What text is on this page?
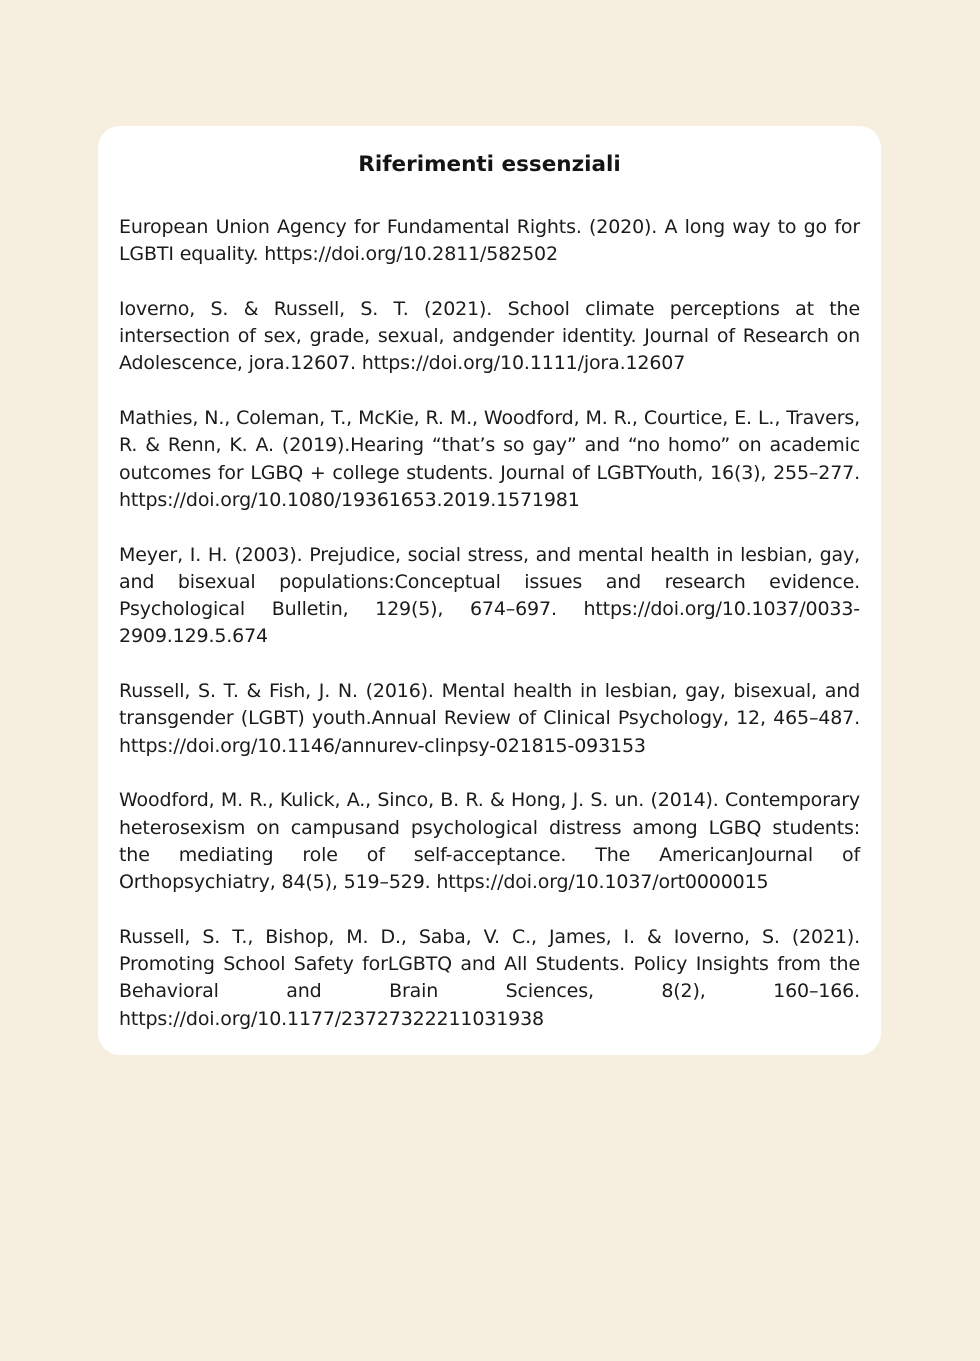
Riferimenti essenziali
European Union Agency for Fundamental Rights. (2020). A long way to go for LGBTI equality. https://doi.org/10.2811/582502
Ioverno, S. & Russell, S. T. (2021). School climate perceptions at the intersection of sex, grade, sexual, andgender identity. Journal of Research on Adolescence, jora.12607. https://doi.org/10.1111/jora.12607
Mathies, N., Coleman, T., McKie, R. M., Woodford, M. R., Courtice, E. L., Travers, R. & Renn, K. A. (2019).Hearing “that’s so gay” and “no homo” on academic outcomes for LGBQ + college students. Journal of LGBTYouth, 16(3), 255–277. https://doi.org/10.1080/19361653.2019.1571981
Meyer, I. H. (2003). Prejudice, social stress, and mental health in lesbian, gay, and bisexual populations:Conceptual issues and research evidence. Psychological Bulletin, 129(5), 674–697. https://doi.org/10.1037/0033-2909.129.5.674
Russell, S. T. & Fish, J. N. (2016). Mental health in lesbian, gay, bisexual, and transgender (LGBT) youth.Annual Review of Clinical Psychology, 12, 465–487. https://doi.org/10.1146/annurev-clinpsy-021815-093153
Woodford, M. R., Kulick, A., Sinco, B. R. & Hong, J. S. un. (2014). Contemporary heterosexism on campusand psychological distress among LGBQ students: the mediating role of self-acceptance. The AmericanJournal of Orthopsychiatry, 84(5), 519–529. https://doi.org/10.1037/ort0000015
Russell, S. T., Bishop, M. D., Saba, V. C., James, I. & Ioverno, S. (2021). Promoting School Safety forLGBTQ and All Students. Policy Insights from the Behavioral and Brain Sciences, 8(2), 160–166. https://doi.org/10.1177/23727322211031938
